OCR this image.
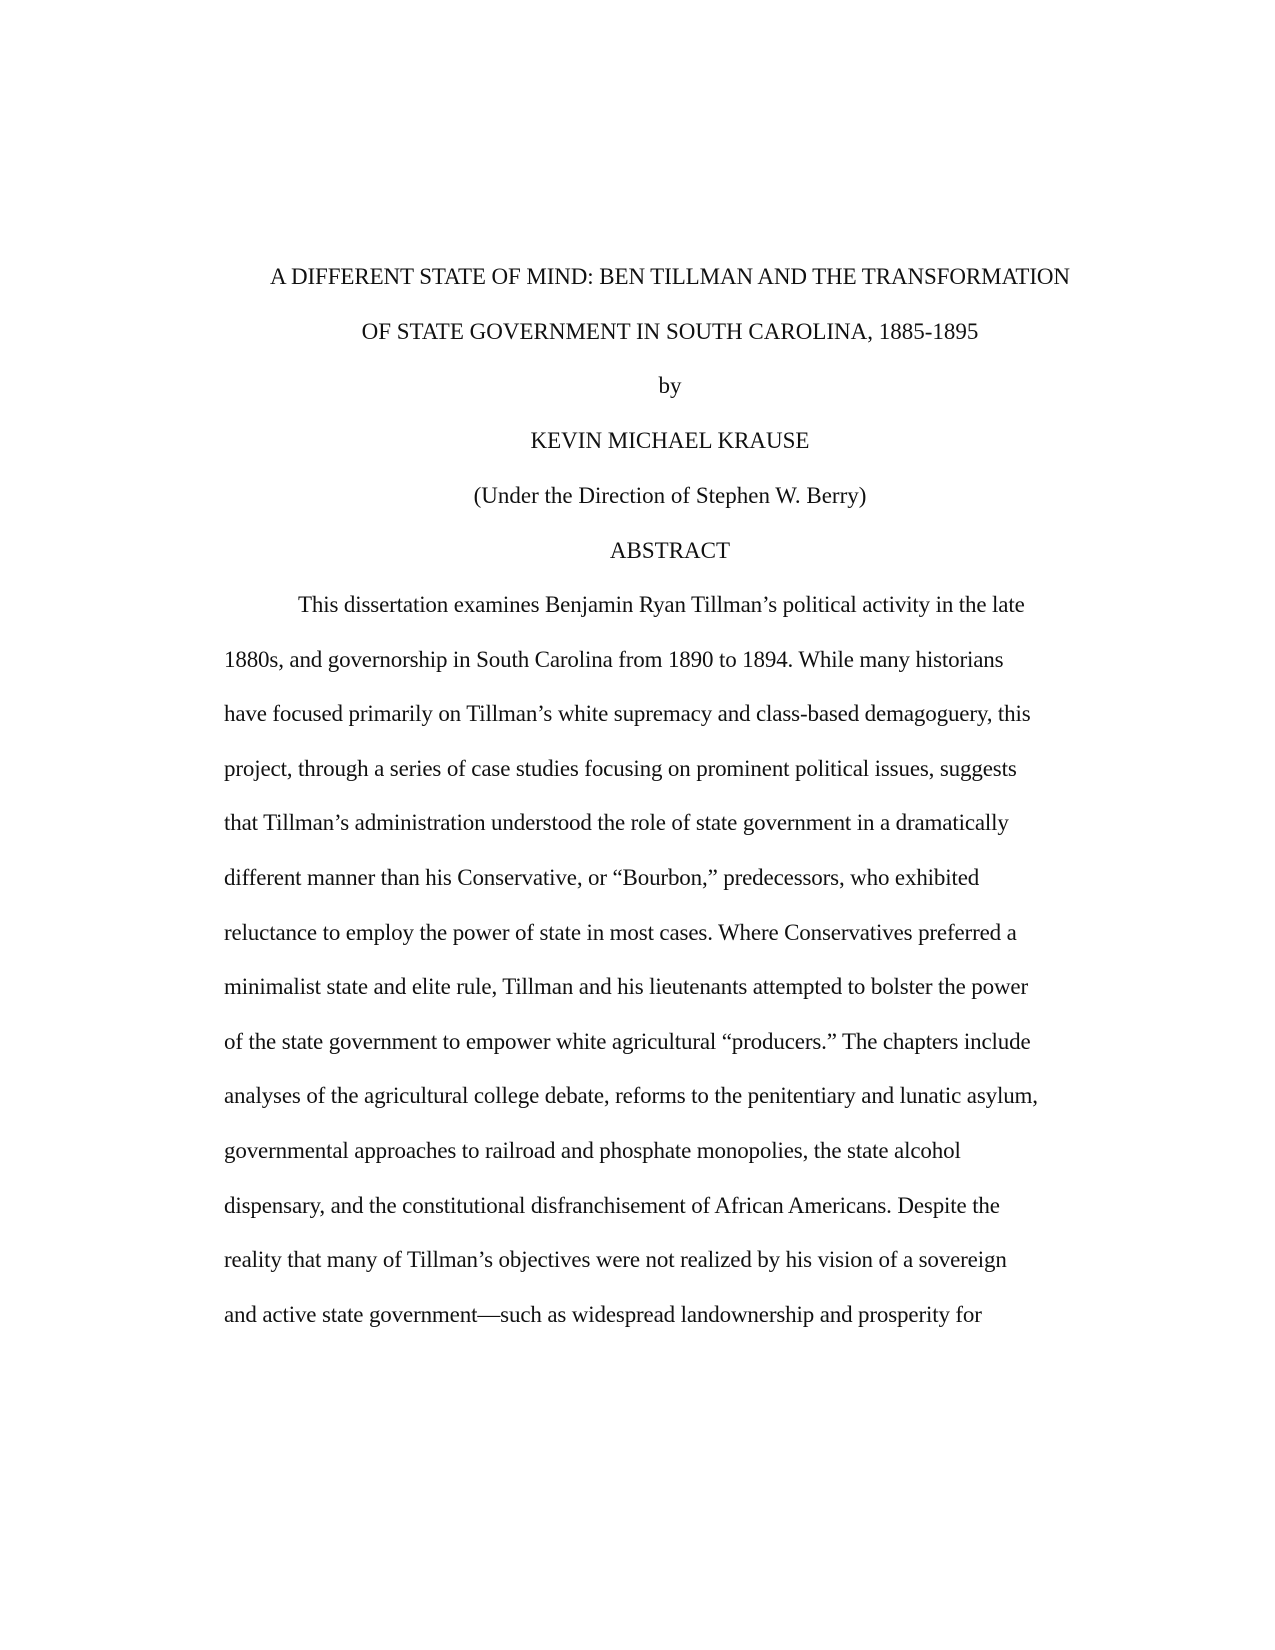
A DIFFERENT STATE OF MIND: BEN TILLMAN AND THE TRANSFORMATION
OF STATE GOVERNMENT IN SOUTH CAROLINA, 1885-1895
by
KEVIN MICHAEL KRAUSE
(Under the Direction of Stephen W. Berry)
ABSTRACT
This dissertation examines Benjamin Ryan Tillman’s political activity in the late
1880s, and governorship in South Carolina from 1890 to 1894. While many historians
have focused primarily on Tillman’s white supremacy and class-based demagoguery, this
project, through a series of case studies focusing on prominent political issues, suggests
that Tillman’s administration understood the role of state government in a dramatically
different manner than his Conservative, or “Bourbon,” predecessors, who exhibited
reluctance to employ the power of state in most cases. Where Conservatives preferred a
minimalist state and elite rule, Tillman and his lieutenants attempted to bolster the power
of the state government to empower white agricultural “producers.” The chapters include
analyses of the agricultural college debate, reforms to the penitentiary and lunatic asylum,
governmental approaches to railroad and phosphate monopolies, the state alcohol
dispensary, and the constitutional disfranchisement of African Americans. Despite the
reality that many of Tillman’s objectives were not realized by his vision of a sovereign
and active state government—such as widespread landownership and prosperity for
